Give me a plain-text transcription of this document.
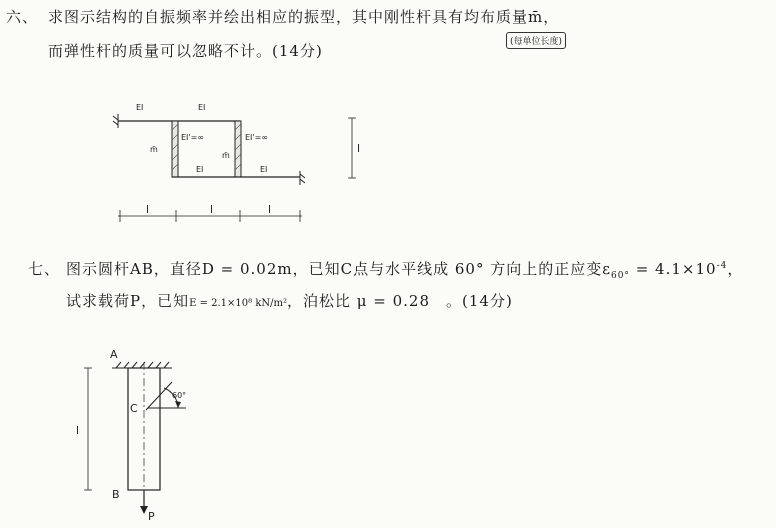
六、 求图示结构的自振频率并绘出相应的振型，其中刚性杆具有均布质量m̄，
(每单位长度)
而弹性杆的质量可以忽略不计。(14分)
EI	EI
EI'=∞	EI'=∞
EI	EI
m̄
m̄
l
l	l	l
七、 图示圆杆AB，直径D = 0.02m，已知C点与水平线成 60° 方向上的正应变$\varepsilon_{60^\circ} = 4.1\times 10^{-4}$，
试求载荷P，已知E = 2.1×10⁸ kN/m²，泊松比 μ = 0.28　。(14分)
A
B
C
P
60°
l
